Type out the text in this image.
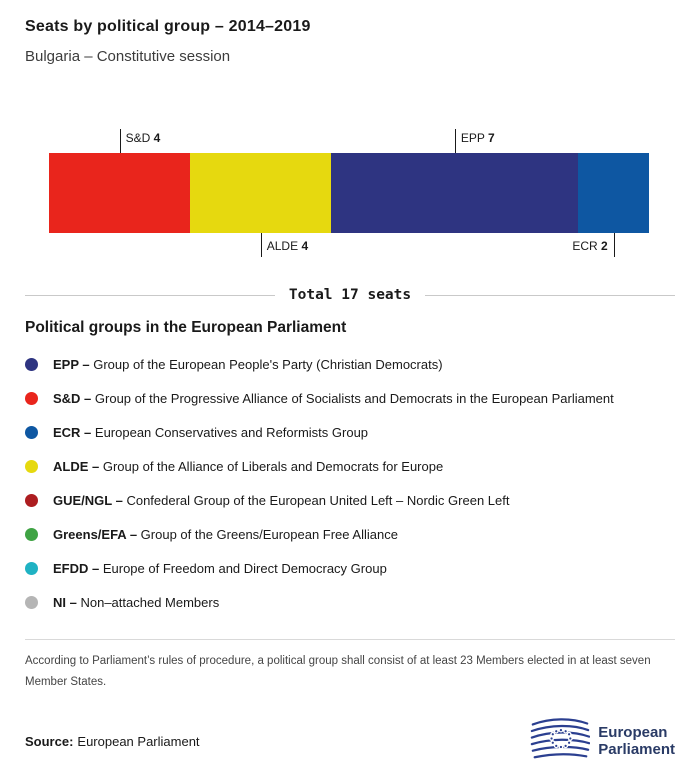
Seats by political group – 2014–2019

Bulgaria – Constitutive session

S&D 4
ALDE 4
EPP 7
ECR 2
Total 17 seats
Political groups in the European Parliament
EPP – Group of the European People's Party (Christian Democrats)
S&D – Group of the Progressive Alliance of Socialists and Democrats in the European Parliament
ECR – European Conservatives and Reformists Group
ALDE – Group of the Alliance of Liberals and Democrats for Europe
GUE/NGL – Confederal Group of the European United Left – Nordic Green Left
Greens/EFA – Group of the Greens/European Free Alliance
EFDD – Europe of Freedom and Direct Democracy Group
NI – Non–attached Members

According to Parliament’s rules of procedure, a political group shall consist of at least 23 Members elected in at least seven Member States.

Source: European Parliament
European
Parliament
